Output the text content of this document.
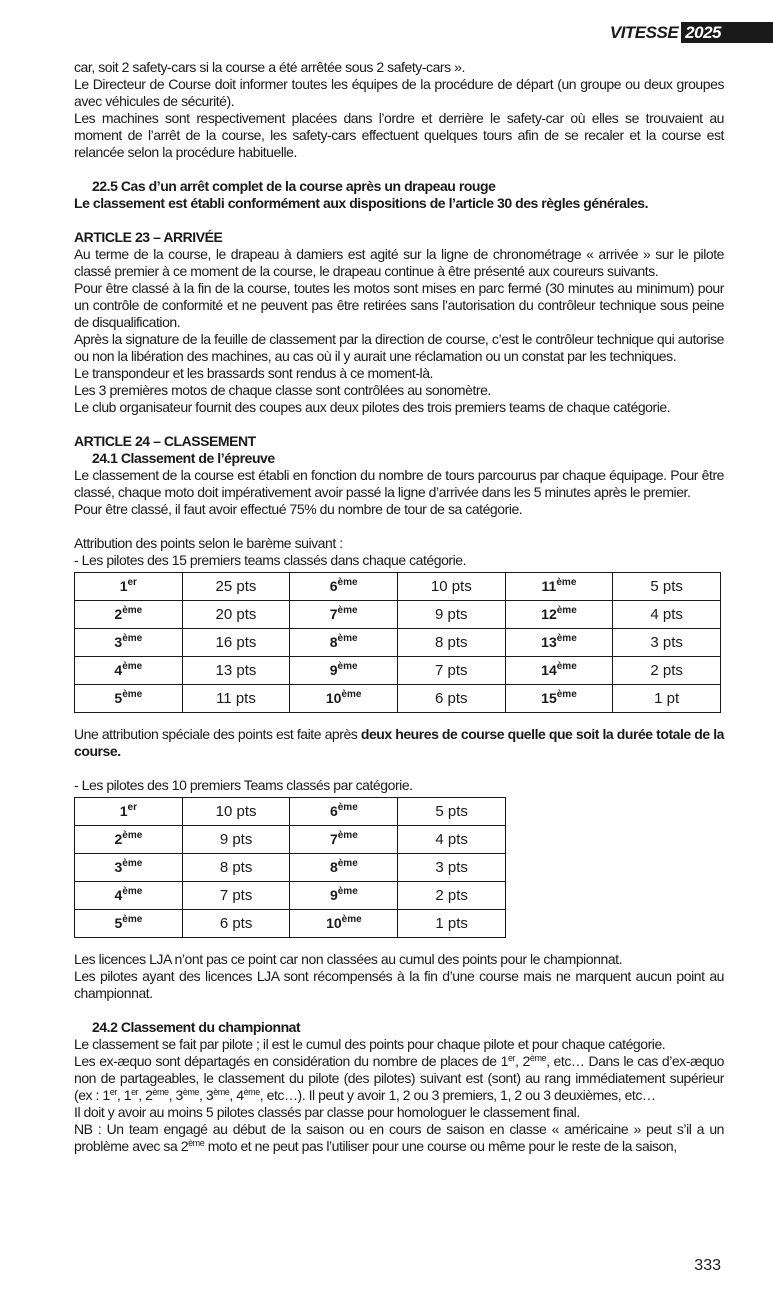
VITESSE 2025

car, soit 2 safety-cars si la course a été arrêtée sous 2 safety-cars ».

Le Directeur de Course doit informer toutes les équipes de la procédure de départ (un groupe ou deux groupes avec véhicules de sécurité).

Les machines sont respectivement placées dans l’ordre et derrière le safety-car où elles se trouvaient au moment de l’arrêt de la course, les safety-cars effectuent quelques tours afin de se recaler et la course est relancée selon la procédure habituelle.

22.5 Cas d’un arrêt complet de la course après un drapeau rouge

Le classement est établi conformément aux dispositions de l’article 30 des règles générales.

ARTICLE 23 – ARRIVÉE

Au terme de la course, le drapeau à damiers est agité sur la ligne de chronométrage « arrivée » sur le pilote classé premier à ce moment de la course, le drapeau continue à être présenté aux coureurs suivants.

Pour être classé à la fin de la course, toutes les motos sont mises en parc fermé (30 minutes au minimum) pour un contrôle de conformité et ne peuvent pas être retirées sans l’autorisation du contrôleur technique sous peine de disqualification.

Après la signature de la feuille de classement par la direction de course, c’est le contrôleur technique qui autorise ou non la libération des machines, au cas où il y aurait une réclamation ou un constat par les techniques.

Le transpondeur et les brassards sont rendus à ce moment-là.

Les 3 premières motos de chaque classe sont contrôlées au sonomètre.

Le club organisateur fournit des coupes aux deux pilotes des trois premiers teams de chaque catégorie.

ARTICLE 24 – CLASSEMENT

24.1 Classement de l’épreuve

Le classement de la course est établi en fonction du nombre de tours parcourus par chaque équipage. Pour être classé, chaque moto doit impérativement avoir passé la ligne d’arrivée dans les 5 minutes après le premier.

Pour être classé, il faut avoir effectué 75% du nombre de tour de sa catégorie.

Attribution des points selon le barème suivant :

- Les pilotes des 15 premiers teams classés dans chaque catégorie.

1er	25 pts	6ème	10 pts	11ème	5 pts
2ème	20 pts	7ème	9 pts	12ème	4 pts
3ème	16 pts	8ème	8 pts	13ème	3 pts
4ème	13 pts	9ème	7 pts	14ème	2 pts
5ème	11 pts	10ème	6 pts	15ème	1 pt

Une attribution spéciale des points est faite après deux heures de course quelle que soit la durée totale de la course.

- Les pilotes des 10 premiers Teams classés par catégorie.

1er	10 pts	6ème	5 pts
2ème	9 pts	7ème	4 pts
3ème	8 pts	8ème	3 pts
4ème	7 pts	9ème	2 pts
5ème	6 pts	10ème	1 pts

Les licences LJA n’ont pas ce point car non classées au cumul des points pour le championnat.

Les pilotes ayant des licences LJA sont récompensés à la fin d’une course mais ne marquent aucun point au championnat.

24.2 Classement du championnat

Le classement se fait par pilote ; il est le cumul des points pour chaque pilote et pour chaque catégorie.

Les ex-æquo sont départagés en considération du nombre de places de 1er, 2ème, etc… Dans le cas d’ex-æquo non de partageables, le classement du pilote (des pilotes) suivant est (sont) au rang immédiatement supérieur (ex : 1er, 1er, 2ème, 3ème, 3ème, 4ème, etc…). Il peut y avoir 1, 2 ou 3 premiers, 1, 2 ou 3 deuxièmes, etc…

Il doit y avoir au moins 5 pilotes classés par classe pour homologuer le classement final.

NB : Un team engagé au début de la saison ou en cours de saison en classe « américaine » peut s’il a un problème avec sa 2ème moto et ne peut pas l’utiliser pour une course ou même pour le reste de la saison,

333
